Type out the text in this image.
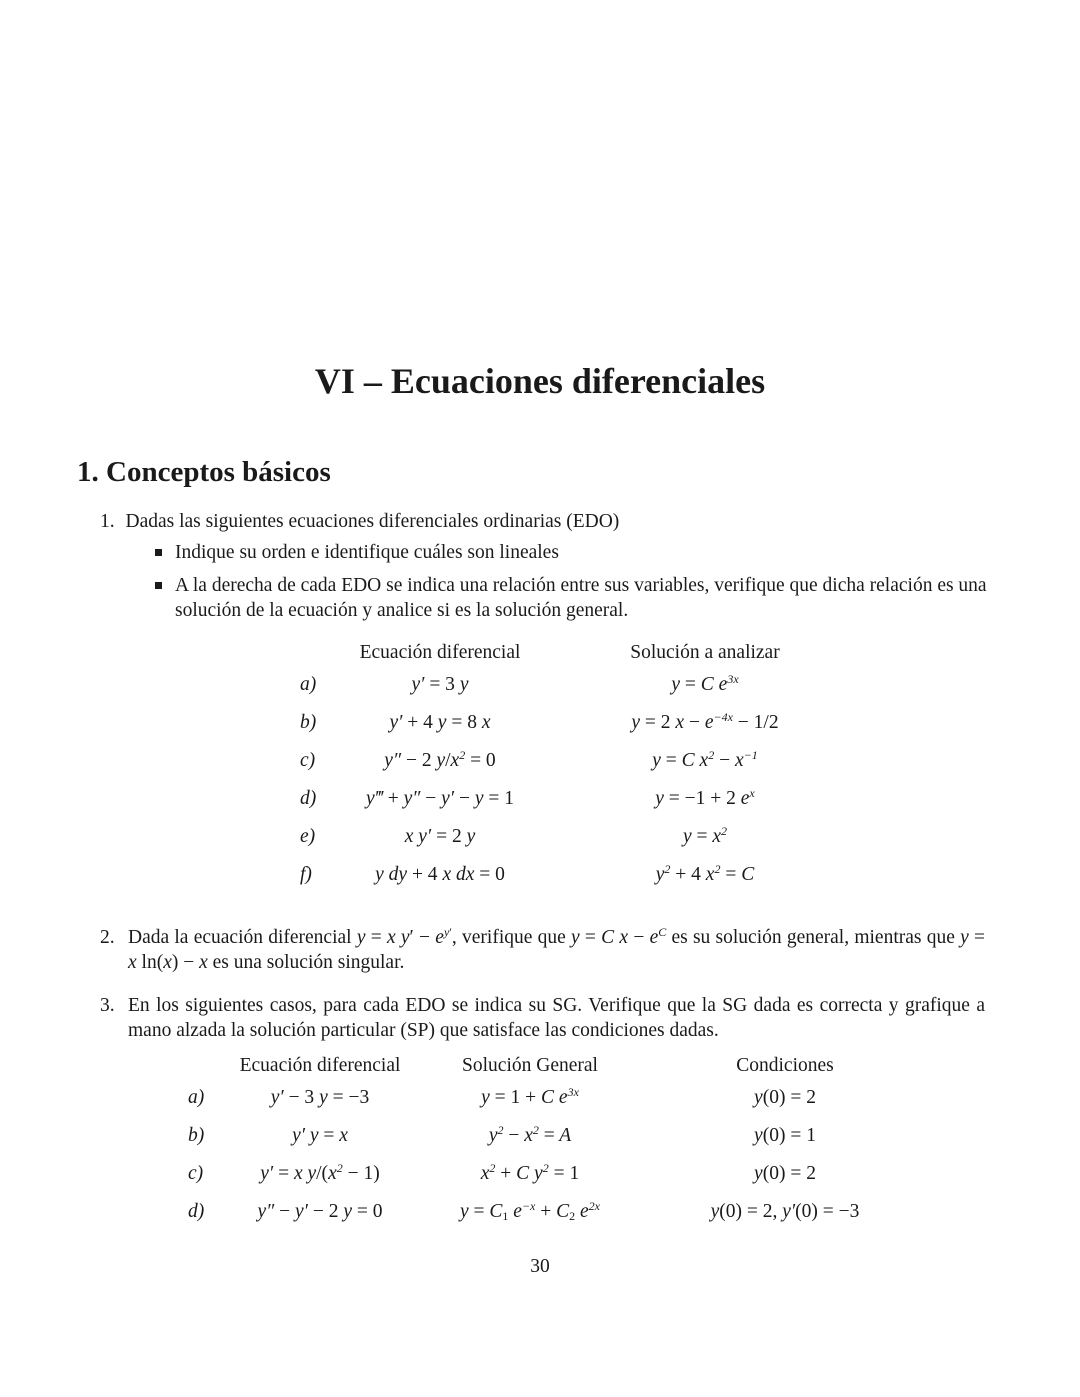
VI – Ecuaciones diferenciales
1. Conceptos básicos
1. Dadas las siguientes ecuaciones diferenciales ordinarias (EDO)
Indique su orden e identifique cuáles son lineales
A la derecha de cada EDO se indica una relación entre sus variables, verifique que dicha relación es una solución de la ecuación y analice si es la solución general.
	Ecuación diferencial		Solución a analizar
a)	y′ = 3 y		y = C $e^{3x}$
b)	y′ + 4 y = 8 x		y = 2 $x - e^{-4x} - 1/2$
c)	y″ − 2 $y/x^2 = 0$		y = C $x^2 - x^{-1}$
d)	y‴ + y″ − y′ − y = 1		y = −1 + 2 $e^x$
e)	x y′ = 2 y		$y = x^2$
f)	y dy + 4 x dx = 0		$y^2 + 4$ $x^2 = C$
2. Dada la ecuación diferencial y = x $y' - e^{y'}$, verifique que y = C $x - e^C$ es su solución general, mientras que y = x ln(x) − x es una solución singular.
3. En los siguientes casos, para cada EDO se indica su SG. Verifique que la SG dada es correcta y grafique a mano alzada la solución particular (SP) que satisface las condiciones dadas.
	Ecuación diferencial	Solución General	Condiciones
a)	y′ − 3 y = −3	y = 1 + C $e^{3x}$	y(0) = 2
b)	y′ y = x	$y^2 - x^2 = A$	y(0) = 1
c)	y′ = x $y/(x^2 - 1)$	$x^2 + C$ $y^2 = 1$	y(0) = 2
d)	y″ − y′ − 2 y = 0	$y = C_1$ $e^{-x} + C_2$ $e^{2x}$	y(0) = 2, y′(0) = −3
30
